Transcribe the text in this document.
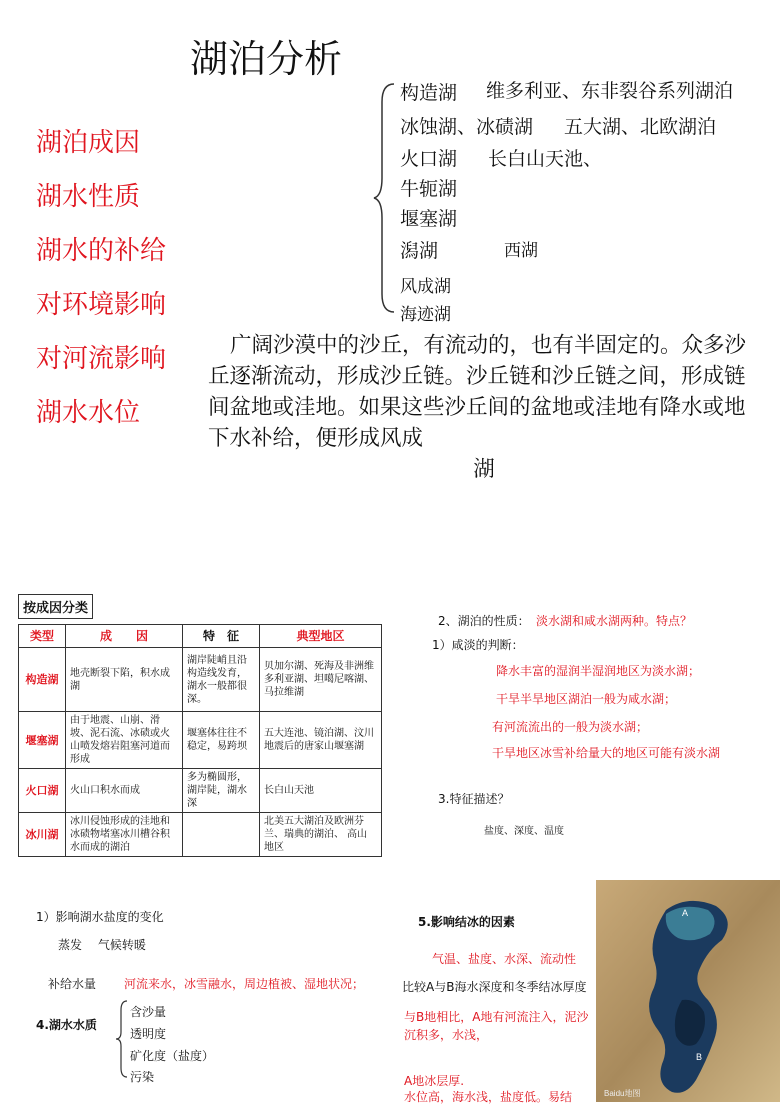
湖泊分析
湖泊成因
湖水性质
湖水的补给
对环境影响
对河流影响
湖水水位
构造湖 维多利亚、东非裂谷系列湖泊
冰蚀湖、冰碛湖 五大湖、北欧湖泊
火口湖 长白山天池、
牛轭湖
堰塞湖
潟湖	西湖
风成湖
海迹湖
广阔沙漠中的沙丘，有流动的，也有半固定的。众多沙丘逐渐流动，形成沙丘链。沙丘链和沙丘链之间，形成链间盆地或洼地。如果这些沙丘间的盆地或洼地有降水或地下水补给，便形成风成
湖
按成因分类
类型	成　　因	特　征	典型地区
构造湖	地壳断裂下陷，积水成湖	湖岸陡峭且沿构造线发育，湖水一般都很深。	贝加尔湖、死海及非洲维多利亚湖、坦噶尼喀湖、马拉维湖
堰塞湖	由于地震、山崩、滑坡、泥石流、冰碛或火山喷发熔岩阻塞河道而形成	堰塞体往往不稳定，易跨坝	五大连池、镜泊湖、汶川地震后的唐家山堰塞湖
火口湖	火山口积水而成	多为椭圆形，湖岸陡，湖水深	长白山天池
冰川湖	冰川侵蚀形成的洼地和冰碛物堵塞冰川槽谷积水而成的湖泊		北美五大湖泊及欧洲芬兰、瑞典的湖泊、 高山地区
2、湖泊的性质： 淡水湖和咸水湖两种。特点？
1）咸淡的判断：
降水丰富的湿润半湿润地区为淡水湖；
干旱半旱地区湖泊一般为咸水湖；
有河流流出的一般为淡水湖；
干旱地区冰雪补给量大的地区可能有淡水湖
3.特征描述？
盐度、深度、温度
1）影响湖水盐度的变化
蒸发　 气候转暖
补给水量 河流来水，冰雪融水，周边植被、湿地状况；
4.湖水水质
含沙量
透明度
矿化度（盐度）
污染
5.影响结冰的因素
气温、盐度、水深、流动性
比较A与B海水深度和冬季结冰厚度
与B地相比，A地有河流注入，泥沙沉积多，水浅，
A地冰层厚.
水位高，海水浅，盐度低。易结
A
B
Baidu地图
